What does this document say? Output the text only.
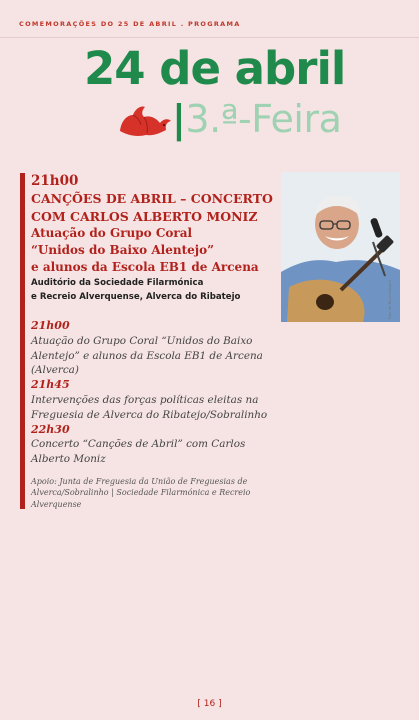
COMEMORAÇÕES DO 25 DE ABRIL . PROGRAMA
24 de abril
|3.ª-Feira
21h00
CANÇÕES DE ABRIL – CONCERTO
COM CARLOS ALBERTO MONIZ
Atuação do Grupo Coral
“Unidos do Baixo Alentejo”
e alunos da Escola EB1 de Arcena
Auditório da Sociedade Filarmónica
e Recreio Alverquense, Alverca do Ribatejo
21h00
Atuação do Grupo Coral “Unidos do Baixo Alentejo” e alunos da Escola EB1 de Arcena (Alverca)
21h45
Intervenções das forças políticas eleitas na Freguesia de Alverca do Ribatejo/Sobralinho
22h30
Concerto “Canções de Abril” com Carlos Alberto Moniz
Apoio: Junta de Freguesia da União de Freguesias de Alverca/Sobralinho | Sociedade Filarmónica e Recreio Alverquense
Foto de Nuno Leligero
[ 16 ]
